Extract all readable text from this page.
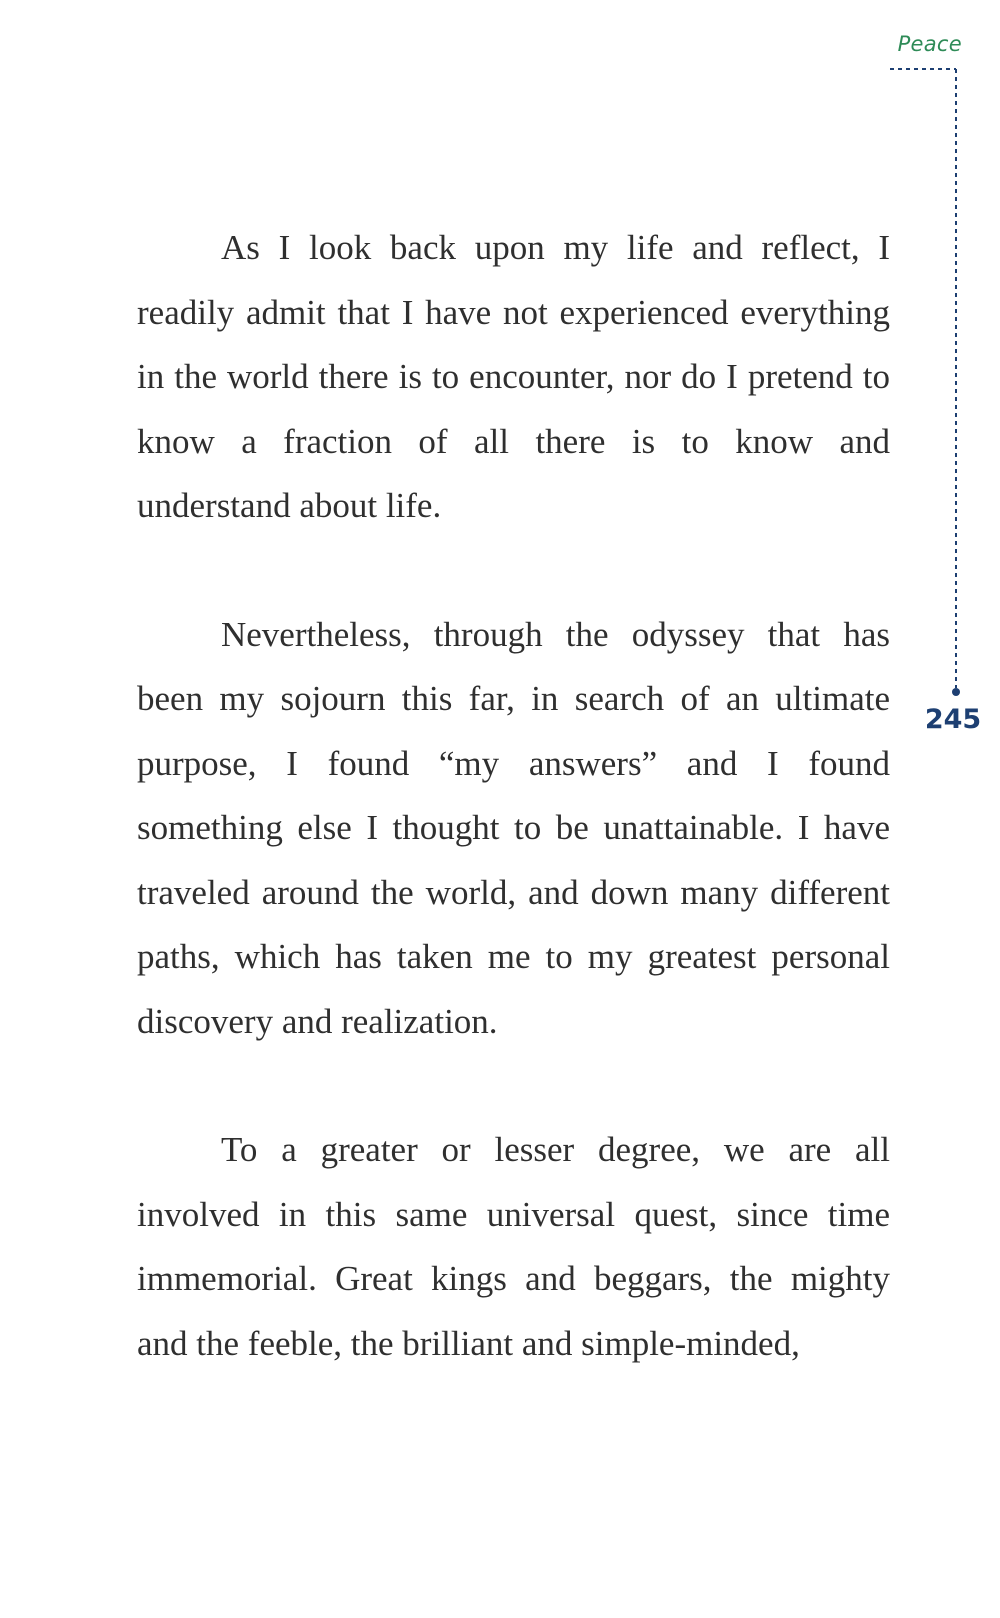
Peace
245

As I look back upon my life and reflect, I readily admit that I have not experienced everything in the world there is to encounter, nor do I pretend to know a fraction of all there is to know and understand about life.

Nevertheless, through the odyssey that has been my sojourn this far, in search of an ultimate purpose, I found “my answers” and I found something else I thought to be unattainable. I have traveled around the world, and down many different paths, which has taken me to my greatest personal discovery and realization.

To a greater or lesser degree, we are all involved in this same universal quest, since time immemorial. Great kings and beggars, the mighty and the feeble, the brilliant and simple-minded,
